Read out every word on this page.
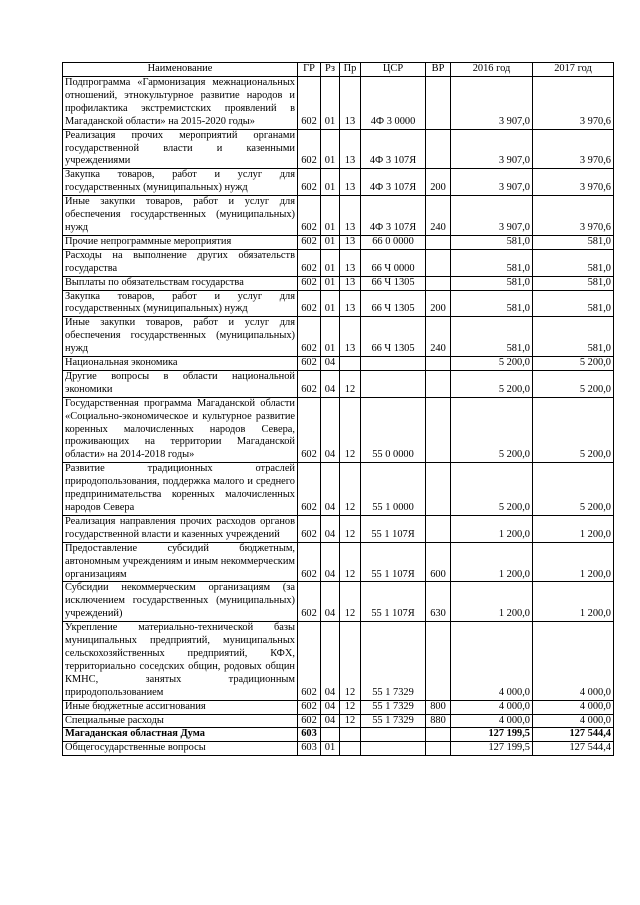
Наименование	ГР	Рз	Пр	ЦСР	ВР	2016 год	2017 год
Подпрограмма «Гармонизация межнациональных отношений, этнокультурное развитие народов и профилактика экстремистских проявлений в Магаданской области» на 2015-2020 годы»	602	01	13	4Ф 3 0000		3 907,0	3 970,6
Реализация прочих мероприятий органами государственной власти и казенными учреждениями	602	01	13	4Ф 3 107Я		3 907,0	3 970,6
Закупка товаров, работ и услуг для государственных (муниципальных) нужд	602	01	13	4Ф 3 107Я	200	3 907,0	3 970,6
Иные закупки товаров, работ и услуг для обеспечения государственных (муниципальных) нужд	602	01	13	4Ф 3 107Я	240	3 907,0	3 970,6
Прочие непрограммные мероприятия	602	01	13	66 0 0000		581,0	581,0
Расходы на выполнение других обязательств государства	602	01	13	66 Ч 0000		581,0	581,0
Выплаты по обязательствам государства	602	01	13	66 Ч 1305		581,0	581,0
Закупка товаров, работ и услуг для государственных (муниципальных) нужд	602	01	13	66 Ч 1305	200	581,0	581,0
Иные закупки товаров, работ и услуг для обеспечения государственных (муниципальных) нужд	602	01	13	66 Ч 1305	240	581,0	581,0
Национальная экономика	602	04				5 200,0	5 200,0
Другие вопросы в области национальной экономики	602	04	12			5 200,0	5 200,0
Государственная программа Магаданской области «Социально-экономическое и культурное развитие коренных малочисленных народов Севера, проживающих на территории Магаданской области» на 2014-2018 годы»	602	04	12	55 0 0000		5 200,0	5 200,0
Развитие традиционных отраслей природопользования, поддержка малого и среднего предпринимательства коренных малочисленных народов Севера	602	04	12	55 1 0000		5 200,0	5 200,0
Реализация направления прочих расходов органов государственной власти и казенных учреждений	602	04	12	55 1 107Я		1 200,0	1 200,0
Предоставление субсидий бюджетным, автономным учреждениям и иным некоммерческим организациям	602	04	12	55 1 107Я	600	1 200,0	1 200,0
Субсидии некоммерческим организациям (за исключением государственных (муниципальных) учреждений)	602	04	12	55 1 107Я	630	1 200,0	1 200,0
Укрепление материально-технической базы муниципальных предприятий, муниципальных сельскохозяйственных предприятий, КФХ, территориально соседских общин, родовых общин КМНС, занятых традиционным природопользованием	602	04	12	55 1 7329		4 000,0	4 000,0
Иные бюджетные ассигнования	602	04	12	55 1 7329	800	4 000,0	4 000,0
Специальные расходы	602	04	12	55 1 7329	880	4 000,0	4 000,0
Магаданская областная Дума	603					127 199,5	127 544,4
Общегосударственные вопросы	603	01				127 199,5	127 544,4
